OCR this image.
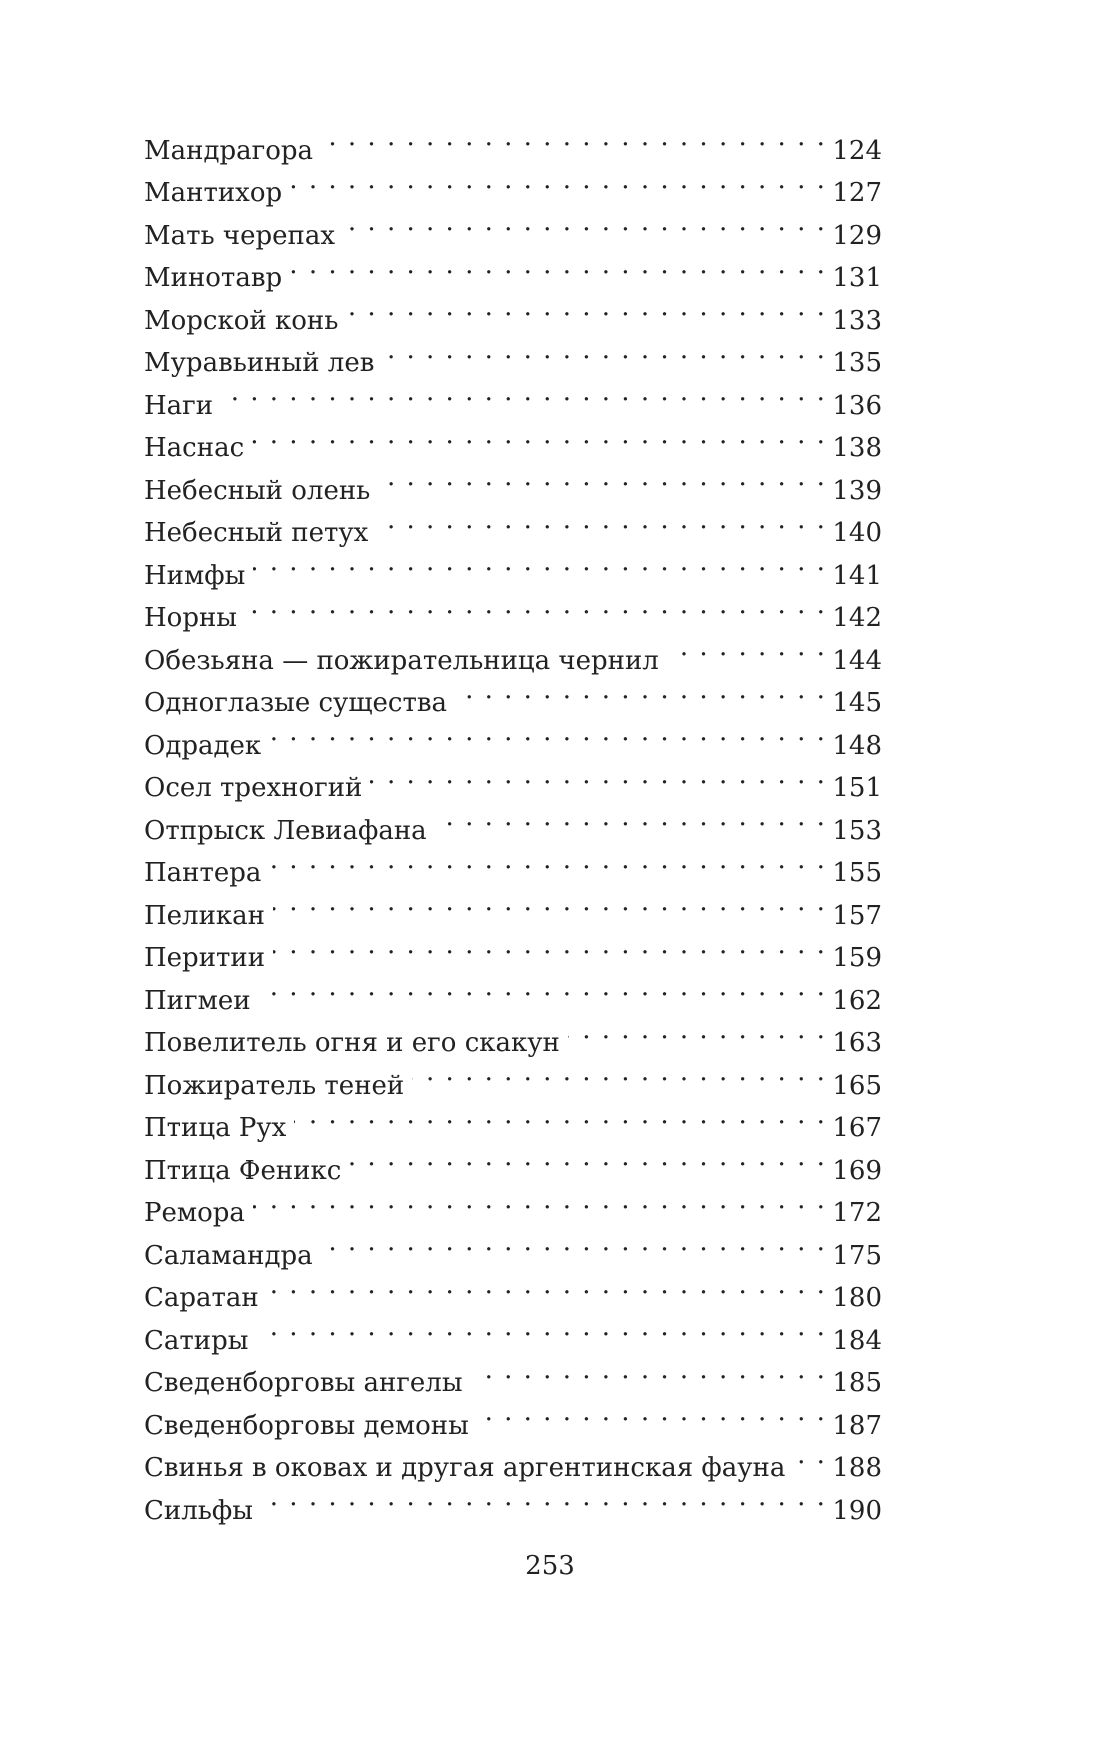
Мандрагора . . .	124
Мантихор . . .	127
Мать черепах . . .	129
Минотавр . . .	131
Морской конь . . .	133
Муравьиный лев . . .	135
Наги . . .	136
Наснас . . .	138
Небесный олень . . .	139
Небесный петух . . .	140
Нимфы . . .	141
Норны . . .	142
Обезьяна — пожирательница чернил . . .	144
Одноглазые существа . . .	145
Одрадек . . .	148
Осел трехногий . . .	151
Отпрыск Левиафана . . .	153
Пантера . . .	155
Пеликан . . .	157
Перитии . . .	159
Пигмеи . . .	162
Повелитель огня и его скакун . . .	163
Пожиратель теней . . .	165
Птица Рух . . .	167
Птица Феникс . . .	169
Ремора . . .	172
Саламандра . . .	175
Саратан . . .	180
Сатиры . . .	184
Сведенборговы ангелы . . .	185
Сведенборговы демоны . . .	187
Свинья в оковах и другая аргентинская фауна . . .	188
Сильфы . . .	190
253
